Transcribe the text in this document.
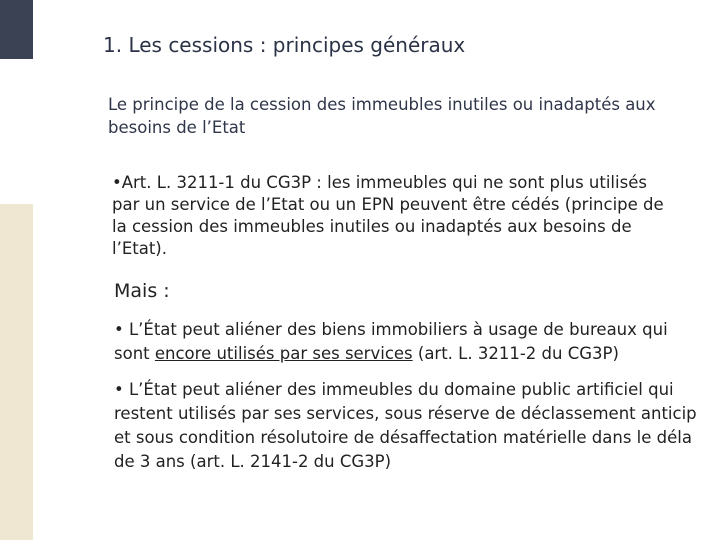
1. Les cessions : principes généraux
Le principe de la cession des immeubles inutiles ou inadaptés aux
besoins de l’Etat
•Art. L. 3211-1 du CG3P : les immeubles qui ne sont plus utilisés
par un service de l’Etat ou un EPN peuvent être cédés (principe de
la cession des immeubles inutiles ou inadaptés aux besoins de
l’Etat).
Mais :
• L’État peut aliéner des biens immobiliers à usage de bureaux qui
sont encore utilisés par ses services (art. L. 3211-2 du CG3P)
• L’État peut aliéner des immeubles du domaine public artificiel qui
restent utilisés par ses services, sous réserve de déclassement anticip
et sous condition résolutoire de désaffectation matérielle dans le déla
de 3 ans (art. L. 2141-2 du CG3P)
